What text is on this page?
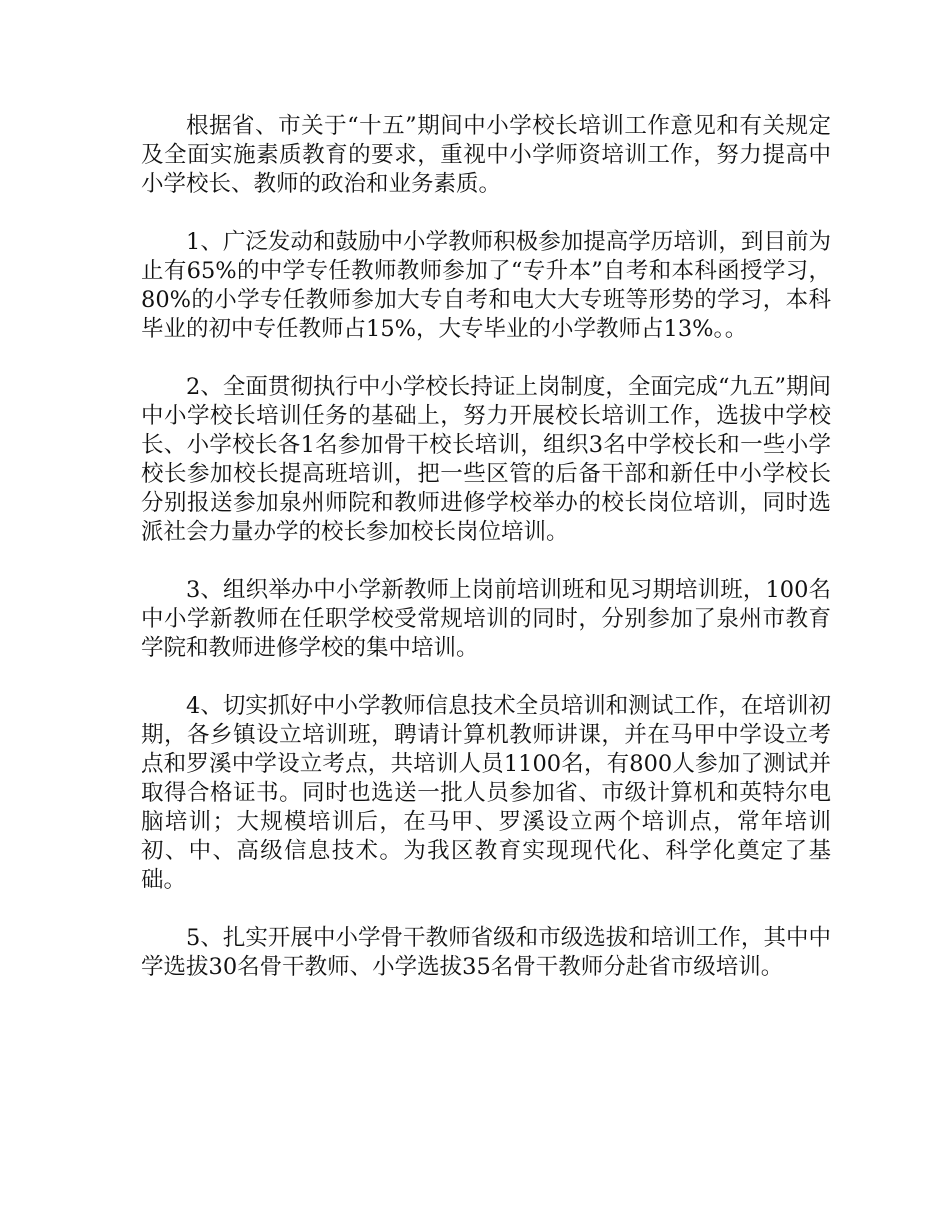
根据省、市关于“十五”期间中小学校长培训工作意见和有关规定及全面实施素质教育的要求，重视中小学师资培训工作，努力提高中小学校长、教师的政治和业务素质。

1、广泛发动和鼓励中小学教师积极参加提高学历培训，到目前为止有65%的中学专任教师教师参加了“专升本”自考和本科函授学习，80%的小学专任教师参加大专自考和电大大专班等形势的学习，本科毕业的初中专任教师占15%，大专毕业的小学教师占13%。。

2、全面贯彻执行中小学校长持证上岗制度，全面完成“九五”期间中小学校长培训任务的基础上，努力开展校长培训工作，选拔中学校长、小学校长各1名参加骨干校长培训，组织3名中学校长和一些小学校长参加校长提高班培训，把一些区管的后备干部和新任中小学校长分别报送参加泉州师院和教师进修学校举办的校长岗位培训，同时选派社会力量办学的校长参加校长岗位培训。

3、组织举办中小学新教师上岗前培训班和见习期培训班，100名中小学新教师在任职学校受常规培训的同时，分别参加了泉州市教育学院和教师进修学校的集中培训。

4、切实抓好中小学教师信息技术全员培训和测试工作，在培训初期，各乡镇设立培训班，聘请计算机教师讲课，并在马甲中学设立考点和罗溪中学设立考点，共培训人员1100名，有800人参加了测试并取得合格证书。同时也选送一批人员参加省、市级计算机和英特尔电脑培训；大规模培训后，在马甲、罗溪设立两个培训点，常年培训初、中、高级信息技术。为我区教育实现现代化、科学化奠定了基础。

5、扎实开展中小学骨干教师省级和市级选拔和培训工作，其中中学选拔30名骨干教师、小学选拔35名骨干教师分赴省市级培训。
